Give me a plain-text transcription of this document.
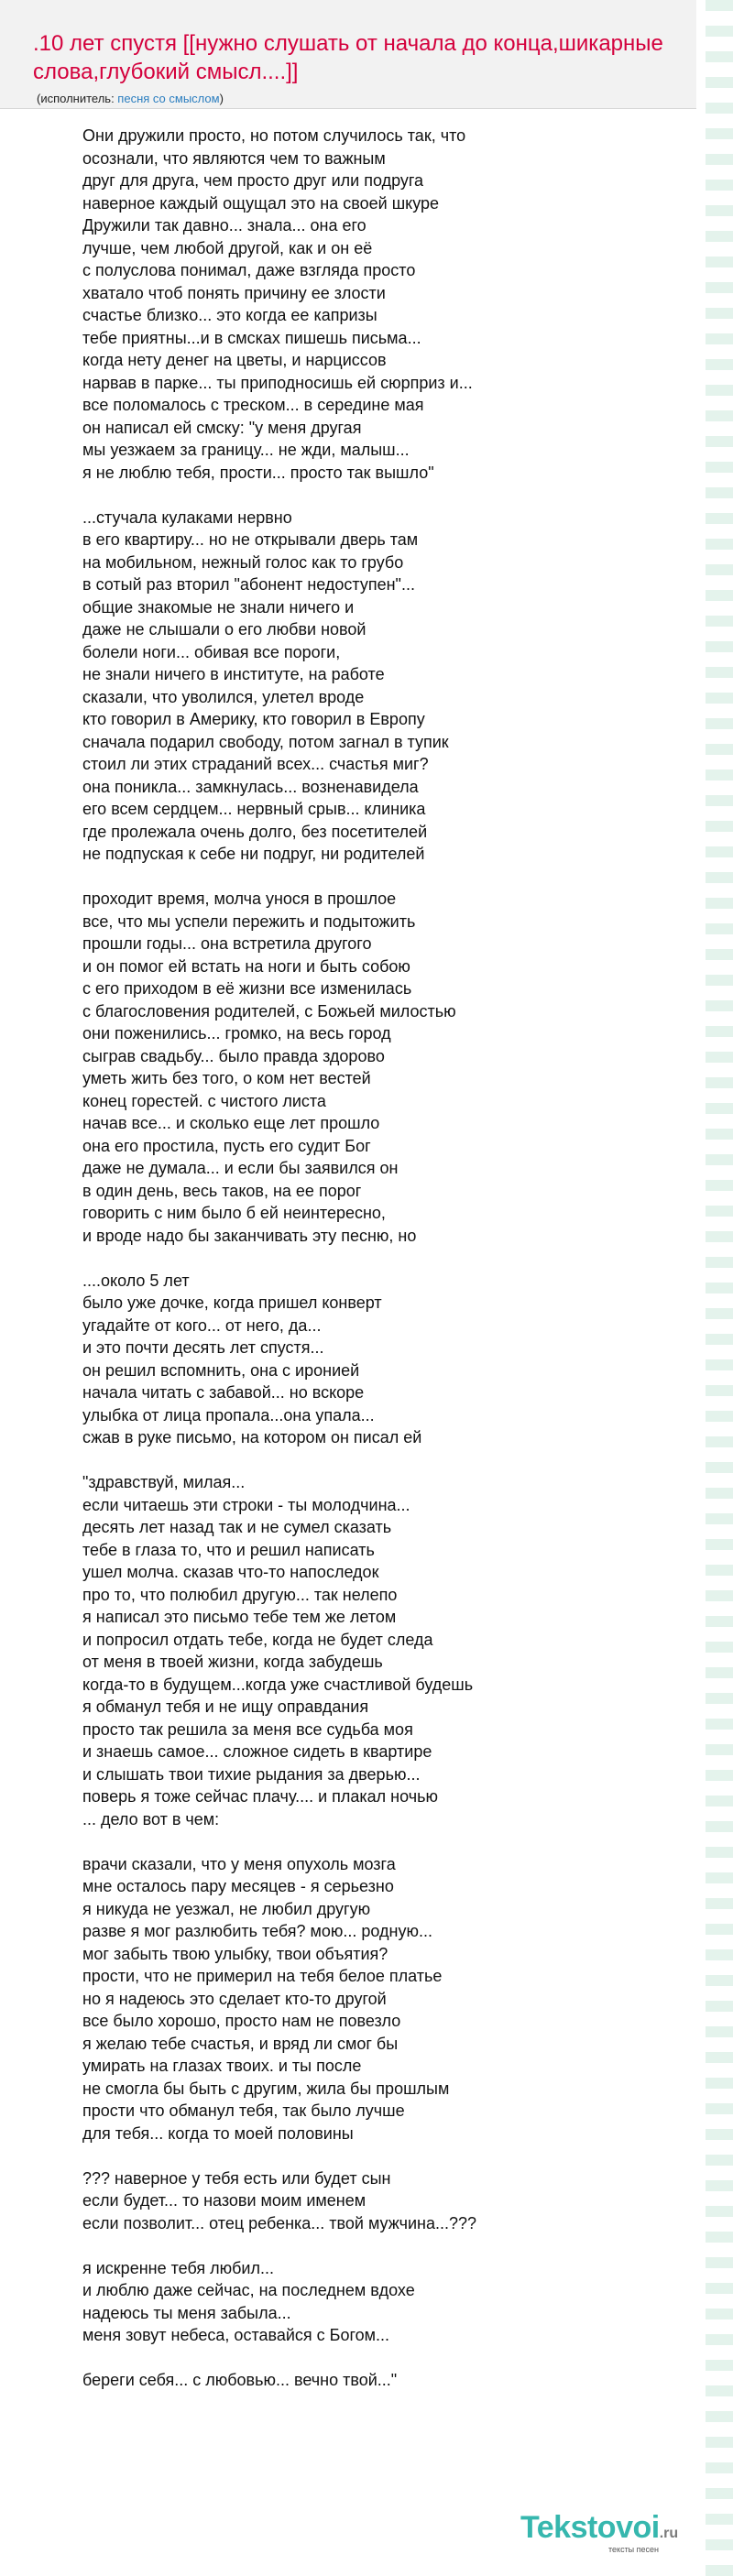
.10 лет спустя [[нужно слушать от начала до конца,шикарные слова,глубокий смысл....]]
(исполнитель: песня со смыслом)
Они дружили просто, но потом случилось так, что
осознали, что являются чем то важным
друг для друга, чем просто друг или подруга
наверное каждый ощущал это на своей шкуре
Дружили так давно... знала... она его
лучше, чем любой другой, как и он её
с полуслова понимал, даже взгляда просто
хватало чтоб понять причину ее злости
счастье близко... это когда ее капризы
тебе приятны...и в смсках пишешь письма...
когда нету денег на цветы, и нарциссов
нарвав в парке... ты приподносишь ей сюрприз и...
все поломалось с треском... в середине мая
он написал ей смску: "у меня другая
мы уезжаем за границу... не жди, малыш...
я не люблю тебя, прости... просто так вышло"
...стучала кулаками нервно
в его квартиру... но не открывали дверь там
на мобильном, нежный голос как то грубо
в сотый раз вторил "абонент недоступен"...
общие знакомые не знали ничего и
даже не слышали о его любви новой
болели ноги... обивая все пороги,
не знали ничего в институте, на работе
сказали, что уволился, улетел вроде
кто говорил в Америку, кто говорил в Европу
сначала подарил свободу, потом загнал в тупик
стоил ли этих страданий всех... счастья миг?
она поникла... замкнулась... возненавидела
его всем сердцем... нервный срыв... клиника
где пролежала очень долго, без посетителей
не подпуская к себе ни подруг, ни родителей
проходит время, молча унося в прошлое
все, что мы успели пережить и подытожить
прошли годы... она встретила другого
и он помог ей встать на ноги и быть собою
с его приходом в её жизни все изменилась
с благословения родителей, с Божьей милостью
они поженились... громко, на весь город
сыграв свадьбу... было правда здорово
уметь жить без того, о ком нет вестей
конец горестей. с чистого листа
начав все... и сколько еще лет прошло
она его простила, пусть его судит Бог
даже не думала... и если бы заявился он
в один день, весь таков, на ее порог
говорить с ним было б ей неинтересно,
и вроде надо бы заканчивать эту песню, но
....около 5 лет
было уже дочке, когда пришел конверт
угадайте от кого... от него, да...
и это почти десять лет спустя...
он решил вспомнить, она с иронией
начала читать с забавой... но вскоре
улыбка от лица пропала...она упала...
сжав в руке письмо, на котором он писал ей
"здравствуй, милая...
если читаешь эти строки - ты молодчина...
десять лет назад так и не сумел сказать
тебе в глаза то, что и решил написать
ушел молча. сказав что-то напоследок
про то, что полюбил другую... так нелепо
я написал это письмо тебе тем же летом
и попросил отдать тебе, когда не будет следа
от меня в твоей жизни, когда забудешь
когда-то в будущем...когда уже счастливой будешь
я обманул тебя и не ищу оправдания
просто так решила за меня все судьба моя
и знаешь самое... сложное сидеть в квартире
и слышать твои тихие рыдания за дверью...
поверь я тоже сейчас плачу.... и плакал ночью
... дело вот в чем:
врачи сказали, что у меня опухоль мозга
мне осталось пару месяцев - я серьезно
я никуда не уезжал, не любил другую
разве я мог разлюбить тебя? мою... родную...
мог забыть твою улыбку, твои объятия?
прости, что не примерил на тебя белое платье
но я надеюсь это сделает кто-то другой
все было хорошо, просто нам не повезло
я желаю тебе счастья, и вряд ли смог бы
умирать на глазах твоих. и ты после
не смогла бы быть с другим, жила бы прошлым
прости что обманул тебя, так было лучше
для тебя... когда то моей половины
??? наверное у тебя есть или будет сын
если будет... то назови моим именем
если позволит... отец ребенка... твой мужчина...???
я искренне тебя любил...
и люблю даже сейчас, на последнем вдохе
надеюсь ты меня забыла...
меня зовут небеса, оставайся с Богом...
береги себя... с любовью... вечно твой..."
Tekstovoi.ru
тексты песен
